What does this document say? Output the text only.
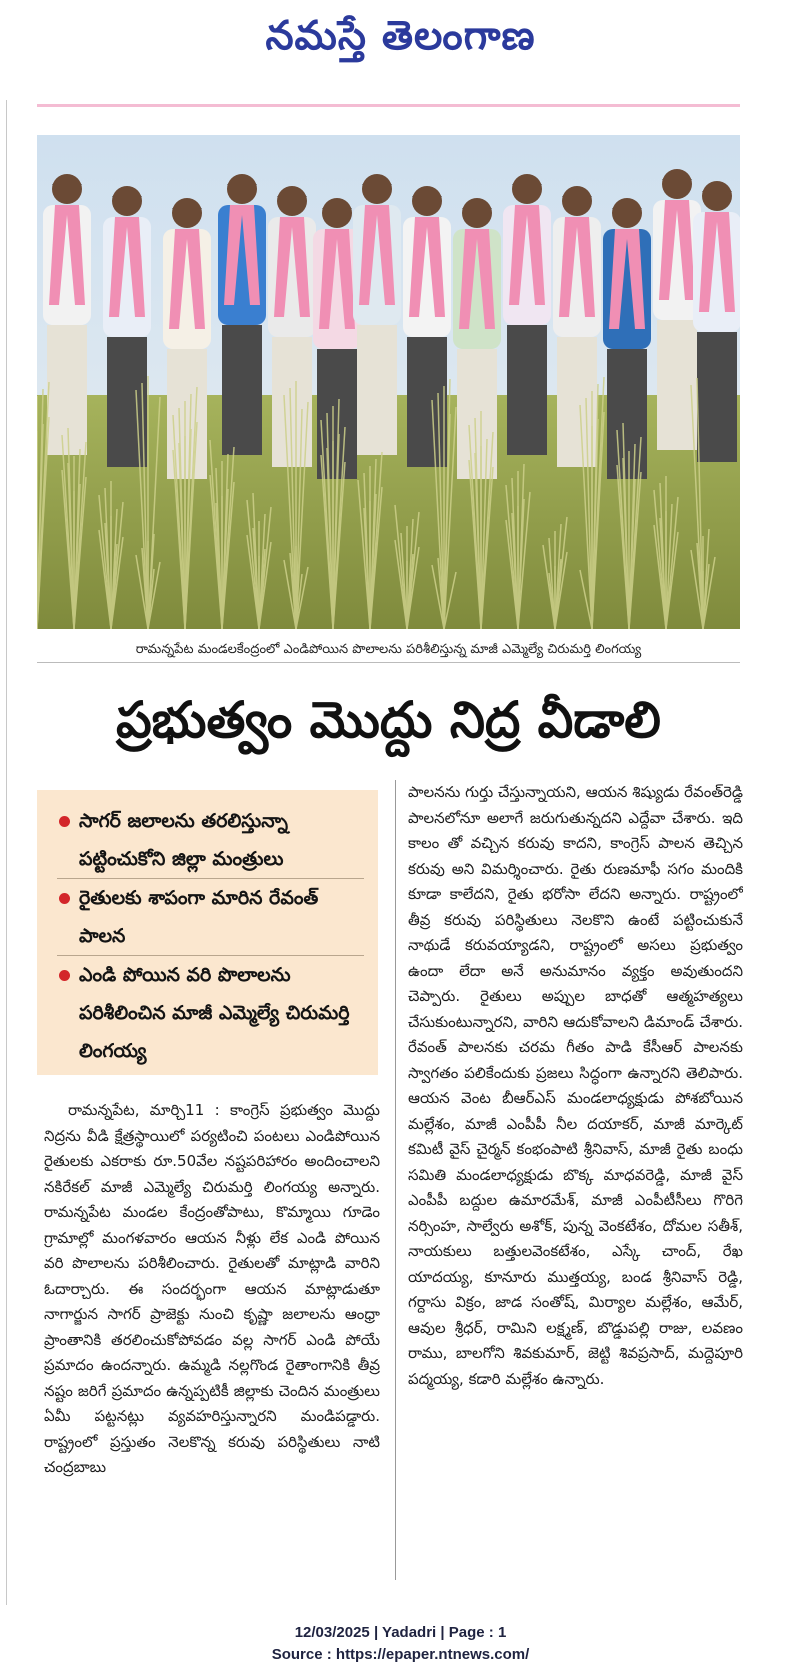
నమస్తే తెలంగాణ
రామన్నపేట మండలకేంద్రంలో ఎండిపోయిన పొలాలను పరిశీలిస్తున్న మాజీ ఎమ్మెల్యే చిరుమర్తి లింగయ్య
ప్రభుత్వం మొద్దు నిద్ర వీడాలి
సాగర్ జలాలను తరలిస్తున్నా పట్టించుకోని జిల్లా మంత్రులు
రైతులకు శాపంగా మారిన రేవంత్ పాలన
ఎండి పోయిన వరి పొలాలను పరిశీలించిన మాజీ ఎమ్మెల్యే చిరుమర్తి లింగయ్య
రామన్నపేట, మార్చి11 : కాంగ్రెస్ ప్రభుత్వం మొద్దు నిద్రను వీడి క్షేత్రస్థాయిలో పర్యటించి పంటలు ఎండిపోయిన రైతులకు ఎకరాకు రూ.50వేల నష్టపరిహారం అందించాలని నకిరేకల్ మాజీ ఎమ్మెల్యే చిరుమర్తి లింగయ్య అన్నారు. రామన్నపేట మండల కేంద్రంతోపాటు, కొమ్మాయి గూడెం గ్రామాల్లో మంగళవారం ఆయన నీళ్లు లేక ఎండి పోయిన వరి పొలాలను పరిశీలించారు. రైతులతో మాట్లాడి వారిని ఓదార్చారు. ఈ సందర్భంగా ఆయన మాట్లాడుతూ నాగార్జున సాగర్ ప్రాజెక్టు నుంచి కృష్ణా జలాలను ఆంధ్రా ప్రాంతానికి తరలించుకోపోవడం వల్ల సాగర్ ఎండి పోయే ప్రమాదం ఉందన్నారు. ఉమ్మడి నల్లగొండ రైతాంగానికి తీవ్ర నష్టం జరిగే ప్రమాదం ఉన్నప్పటికీ జిల్లాకు చెందిన మంత్రులు ఏమీ పట్టనట్లు వ్యవహరిస్తున్నారని మండిపడ్డారు. రాష్ట్రంలో ప్రస్తుతం నెలకొన్న కరువు పరిస్థితులు నాటి చంద్రబాబు
పాలనను గుర్తు చేస్తున్నాయని, ఆయన శిష్యుడు రేవంత్‌రెడ్డి పాలనలోనూ అలాగే జరుగుతున్నదని ఎద్దేవా చేశారు. ఇది కాలం తో వచ్చిన కరువు కాదని, కాంగ్రెస్ పాలన తెచ్చిన కరువు అని విమర్శించారు. రైతు రుణమాఫీ సగం మందికి కూడా కాలేదని, రైతు భరోసా లేదని అన్నారు. రాష్ట్రంలో తీవ్ర కరువు పరిస్థితులు నెలకొని ఉంటే పట్టించుకునే నాథుడే కరువయ్యాడని, రాష్ట్రంలో అసలు ప్రభుత్వం ఉందా లేదా అనే అనుమానం వ్యక్తం అవుతుందని చెప్పారు. రైతులు అప్పుల బాధతో ఆత్మహత్యలు చేసుకుంటున్నారని, వారిని ఆదుకోవాలని డిమాండ్ చేశారు. రేవంత్ పాలనకు చరమ గీతం పాడి కేసీఆర్ పాలనకు స్వాగతం పలికేందుకు ప్రజలు సిద్ధంగా ఉన్నారని తెలిపారు. ఆయన వెంట బీఆర్ఎస్ మండలాధ్యక్షుడు పోశబోయిన మల్లేశం, మాజీ ఎంపీపీ నీల దయాకర్, మాజీ మార్కెట్ కమిటీ వైస్ చైర్మన్ కంభంపాటి శ్రీనివాస్, మాజీ రైతు బంధు సమితి మండలాధ్యక్షుడు బొక్క మాధవరెడ్డి, మాజీ వైస్ ఎంపీపీ బద్దుల ఉమారమేశ్, మాజీ ఎంపీటీసీలు గొరిగె నర్సింహ, సాల్వేరు అశోక్, పున్న వెంకటేశం, దోమల సతీశ్, నాయకులు బత్తులవెంకటేశం, ఎస్కే చాంద్, రేఖ యాదయ్య, కూనూరు ముత్తయ్య, బండ శ్రీనివాస్ రెడ్డి, గర్దాసు విక్రం, జాడ సంతోష్, మిర్యాల మల్లేశం, ఆమేర్, ఆవుల శ్రీధర్, రామిని లక్ష్మణ్, బొడ్డుపల్లి రాజు, లవణం రాము, బాలగోని శివకుమార్, జెట్టి శివప్రసాద్, మద్దెపూరి పద్మయ్య, కడారి మల్లేశం ఉన్నారు.
12/03/2025 | Yadadri | Page : 1
Source : https://epaper.ntnews.com/
